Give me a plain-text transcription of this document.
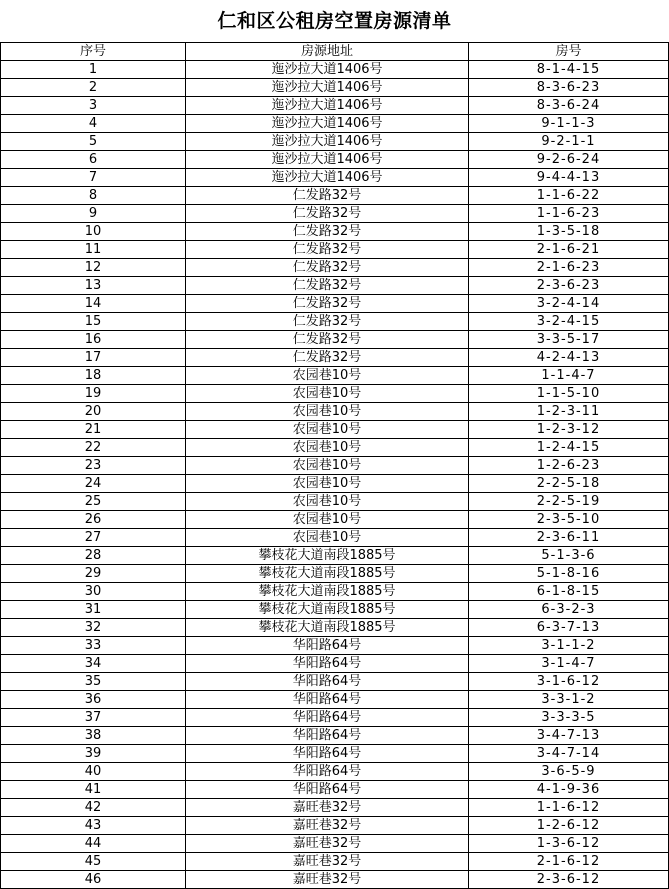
仁和区公租房空置房源清单
序号	房源地址	房号
1	迤沙拉大道1406号	8-1-4-15
2	迤沙拉大道1406号	8-3-6-23
3	迤沙拉大道1406号	8-3-6-24
4	迤沙拉大道1406号	9-1-1-3
5	迤沙拉大道1406号	9-2-1-1
6	迤沙拉大道1406号	9-2-6-24
7	迤沙拉大道1406号	9-4-4-13
8	仁发路32号	1-1-6-22
9	仁发路32号	1-1-6-23
10	仁发路32号	1-3-5-18
11	仁发路32号	2-1-6-21
12	仁发路32号	2-1-6-23
13	仁发路32号	2-3-6-23
14	仁发路32号	3-2-4-14
15	仁发路32号	3-2-4-15
16	仁发路32号	3-3-5-17
17	仁发路32号	4-2-4-13
18	农园巷10号	1-1-4-7
19	农园巷10号	1-1-5-10
20	农园巷10号	1-2-3-11
21	农园巷10号	1-2-3-12
22	农园巷10号	1-2-4-15
23	农园巷10号	1-2-6-23
24	农园巷10号	2-2-5-18
25	农园巷10号	2-2-5-19
26	农园巷10号	2-3-5-10
27	农园巷10号	2-3-6-11
28	攀枝花大道南段1885号	5-1-3-6
29	攀枝花大道南段1885号	5-1-8-16
30	攀枝花大道南段1885号	6-1-8-15
31	攀枝花大道南段1885号	6-3-2-3
32	攀枝花大道南段1885号	6-3-7-13
33	华阳路64号	3-1-1-2
34	华阳路64号	3-1-4-7
35	华阳路64号	3-1-6-12
36	华阳路64号	3-3-1-2
37	华阳路64号	3-3-3-5
38	华阳路64号	3-4-7-13
39	华阳路64号	3-4-7-14
40	华阳路64号	3-6-5-9
41	华阳路64号	4-1-9-36
42	嘉旺巷32号	1-1-6-12
43	嘉旺巷32号	1-2-6-12
44	嘉旺巷32号	1-3-6-12
45	嘉旺巷32号	2-1-6-12
46	嘉旺巷32号	2-3-6-12
